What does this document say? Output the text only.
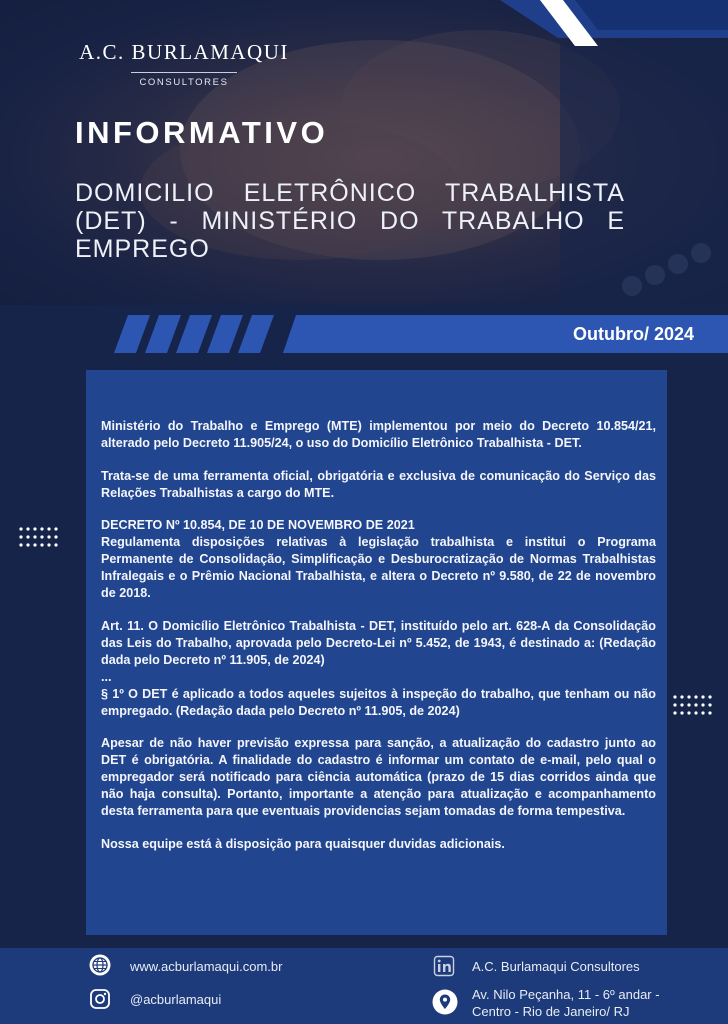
A.C. BURLAMAQUI
CONSULTORES
INFORMATIVO
DOMICILIO ELETRÔNICO TRABALHISTA (DET) - MINISTÉRIO DO TRABALHO E EMPREGO
Outubro/ 2024

Ministério do Trabalho e Emprego (MTE) implementou por meio do Decreto 10.854/21, alterado pelo Decreto 11.905/24, o uso do Domicílio Eletrônico Trabalhista - DET.

Trata-se de uma ferramenta oficial, obrigatória e exclusiva de comunicação do Serviço das Relações Trabalhistas a cargo do MTE.

DECRETO Nº 10.854, DE 10 DE NOVEMBRO DE 2021
Regulamenta disposições relativas à legislação trabalhista e institui o Programa Permanente de Consolidação, Simplificação e Desburocratização de Normas Trabalhistas Infralegais e o Prêmio Nacional Trabalhista, e altera o Decreto nº 9.580, de 22 de novembro de 2018.

Art. 11. O Domicílio Eletrônico Trabalhista - DET, instituído pelo art. 628-A da Consolidação das Leis do Trabalho, aprovada pelo Decreto-Lei nº 5.452, de 1943, é destinado a: (Redação dada pelo Decreto nº 11.905, de 2024)
...
§ 1º O DET é aplicado a todos aqueles sujeitos à inspeção do trabalho, que tenham ou não empregado. (Redação dada pelo Decreto nº 11.905, de 2024)

Apesar de não haver previsão expressa para sanção, a atualização do cadastro junto ao DET é obrigatória. A finalidade do cadastro é informar um contato de e-mail, pelo qual o empregador será notificado para ciência automática (prazo de 15 dias corridos ainda que não haja consulta). Portanto, importante a atenção para atualização e acompanhamento desta ferramenta para que eventuais providencias sejam tomadas de forma tempestiva.

Nossa equipe está à disposição para quaisquer duvidas adicionais.

www.acburlamaqui.com.br
@acburlamaqui
A.C. Burlamaqui Consultores
Av. Nilo Peçanha, 11 - 6º andar -
Centro - Rio de Janeiro/ RJ
